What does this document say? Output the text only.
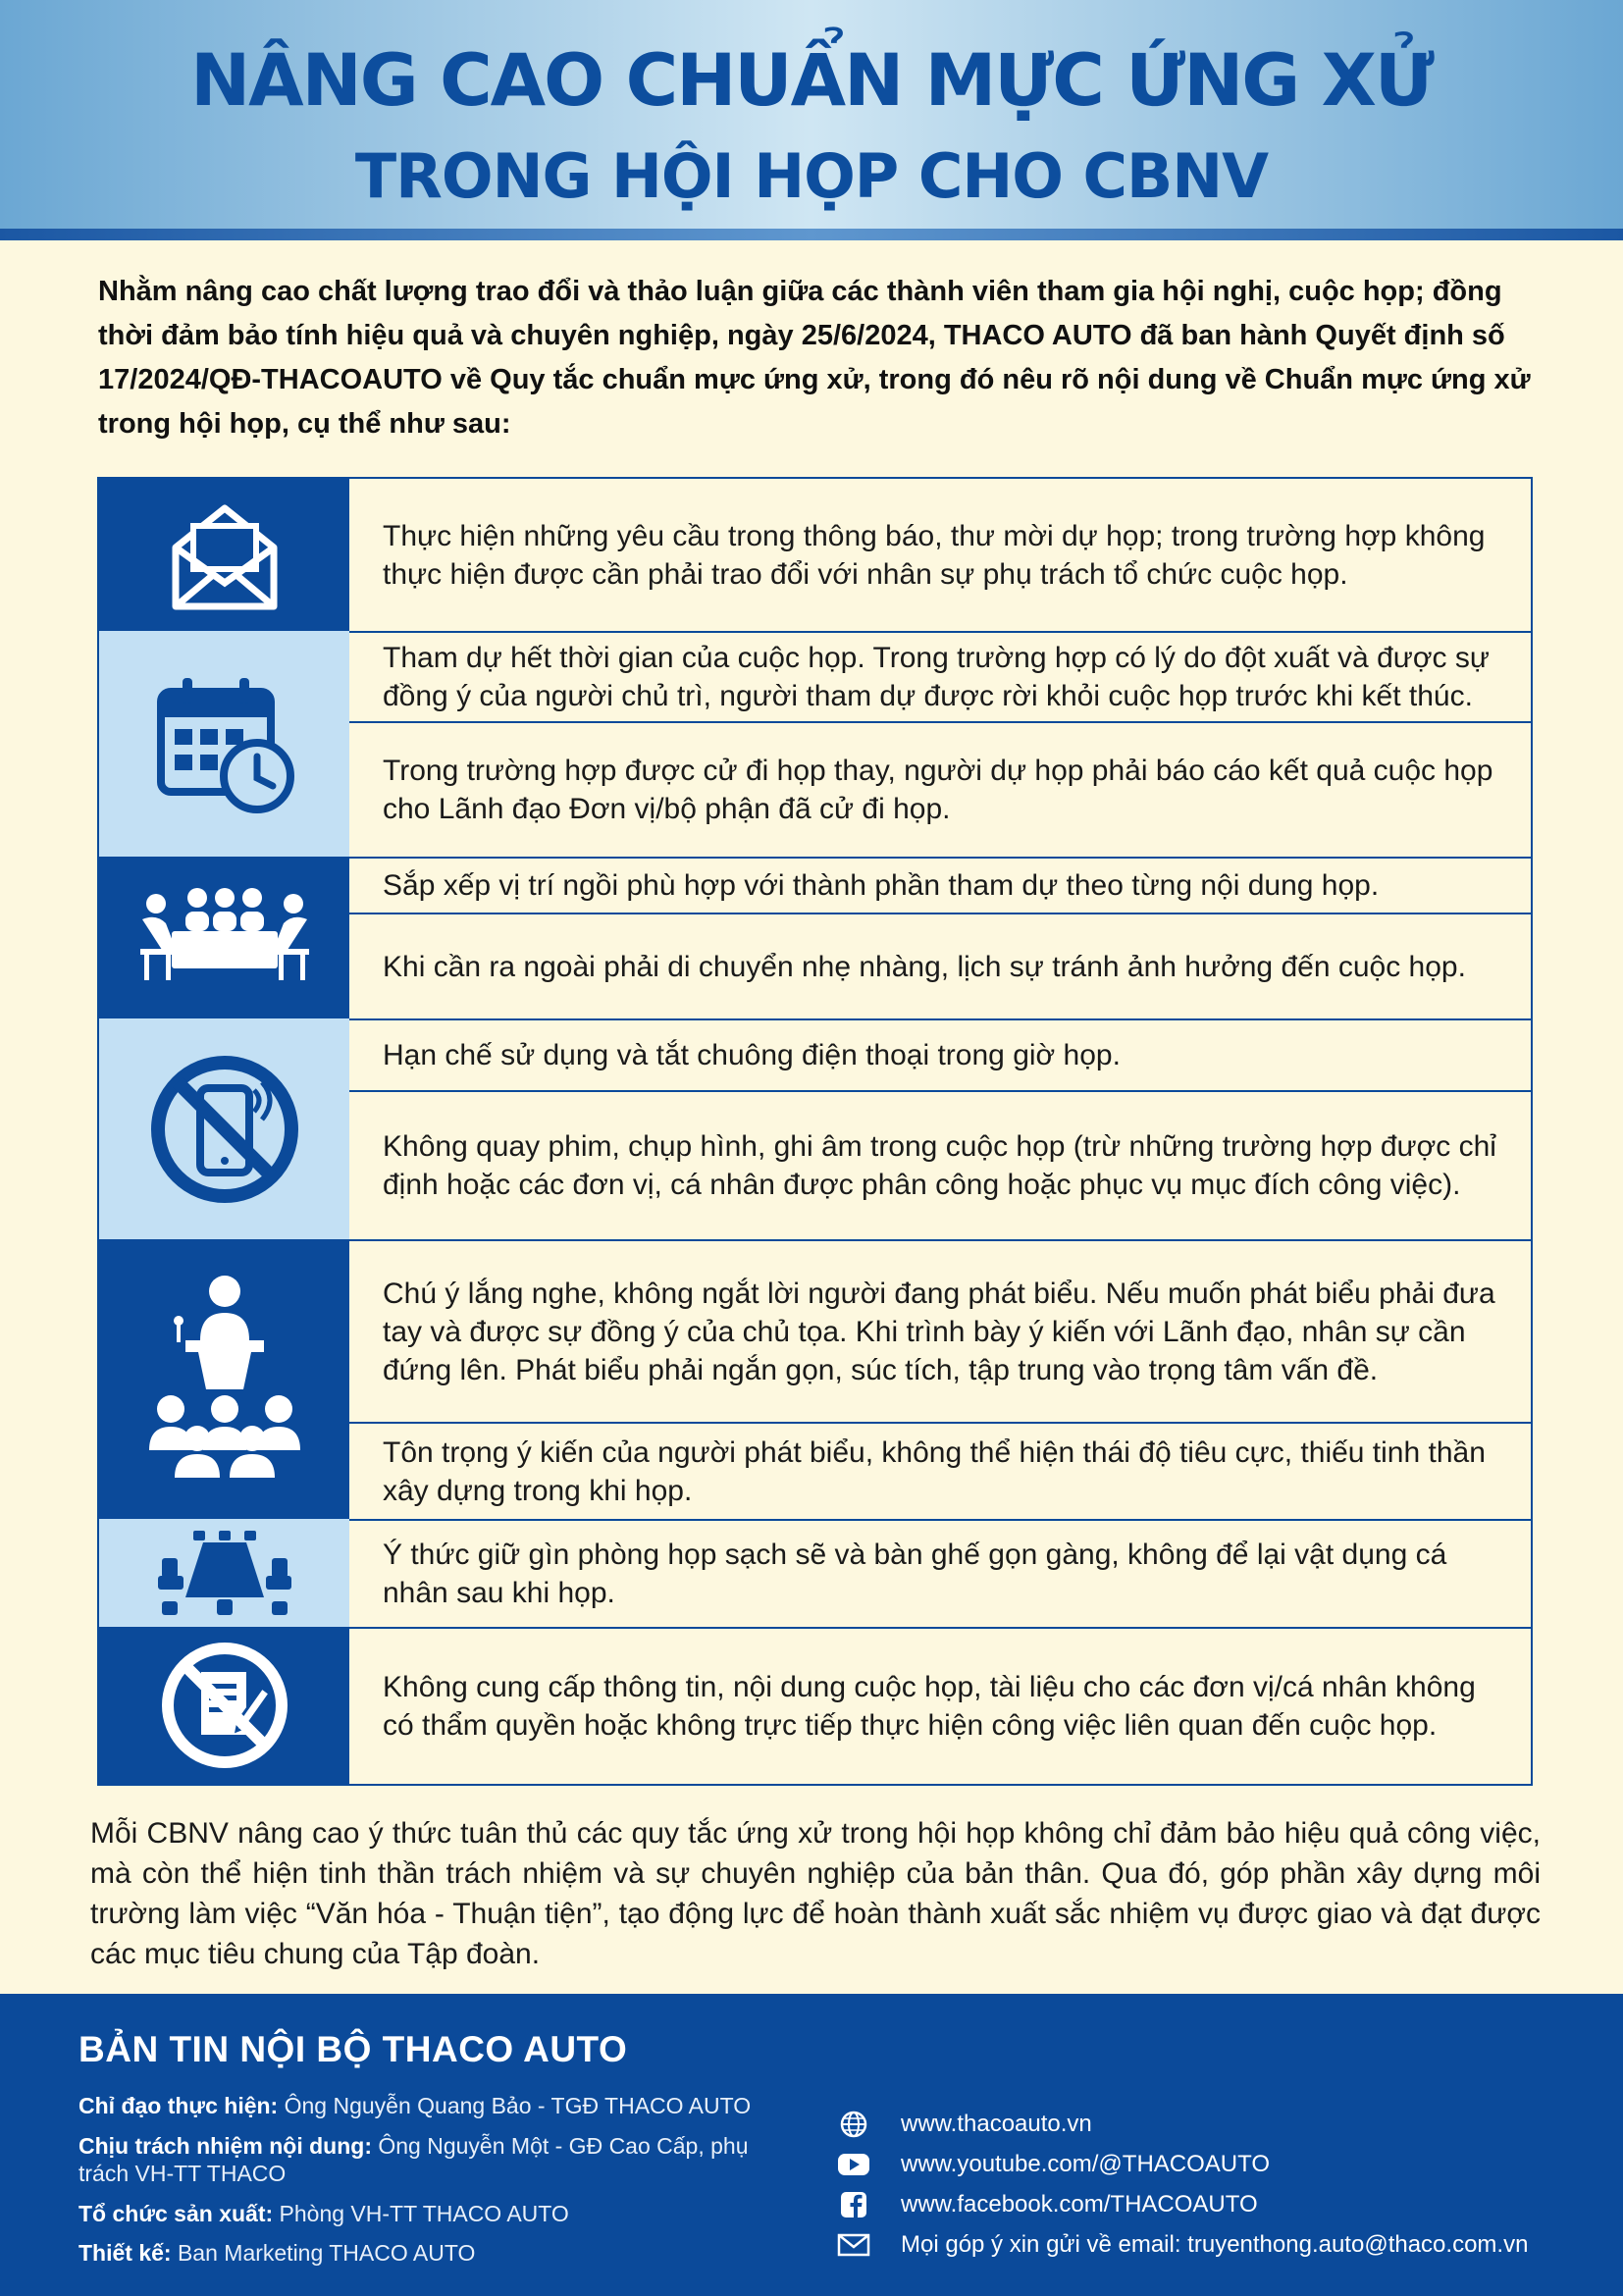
NÂNG CAO CHUẨN MỰC ỨNG XỬ
TRONG HỘI HỌP CHO CBNV
Nhằm nâng cao chất lượng trao đổi và thảo luận giữa các thành viên tham gia hội nghị, cuộc họp; đồng thời đảm bảo tính hiệu quả và chuyên nghiệp, ngày 25/6/2024, THACO AUTO đã ban hành Quyết định số 17/2024/QĐ-THACOAUTO về Quy tắc chuẩn mực ứng xử, trong đó nêu rõ nội dung về Chuẩn mực ứng xử trong hội họp, cụ thể như sau:
Thực hiện những yêu cầu trong thông báo, thư mời dự họp; trong trường hợp không thực hiện được cần phải trao đổi với nhân sự phụ trách tổ chức cuộc họp.
Tham dự hết thời gian của cuộc họp. Trong trường hợp có lý do đột xuất và được sự đồng ý của người chủ trì, người tham dự được rời khỏi cuộc họp trước khi kết thúc.
Trong trường hợp được cử đi họp thay, người dự họp phải báo cáo kết quả cuộc họp cho Lãnh đạo Đơn vị/bộ phận đã cử đi họp.
Sắp xếp vị trí ngồi phù hợp với thành phần tham dự theo từng nội dung họp.
Khi cần ra ngoài phải di chuyển nhẹ nhàng, lịch sự tránh ảnh hưởng đến cuộc họp.
Hạn chế sử dụng và tắt chuông điện thoại trong giờ họp.
Không quay phim, chụp hình, ghi âm trong cuộc họp (trừ những trường hợp được chỉ định hoặc các đơn vị, cá nhân được phân công hoặc phục vụ mục đích công việc).
Chú ý lắng nghe, không ngắt lời người đang phát biểu. Nếu muốn phát biểu phải đưa tay và được sự đồng ý của chủ tọa. Khi trình bày ý kiến với Lãnh đạo, nhân sự cần đứng lên. Phát biểu phải ngắn gọn, súc tích, tập trung vào trọng tâm vấn đề.
Tôn trọng ý kiến của người phát biểu, không thể hiện thái độ tiêu cực, thiếu tinh thần xây dựng trong khi họp.
Ý thức giữ gìn phòng họp sạch sẽ và bàn ghế gọn gàng, không để lại vật dụng cá nhân sau khi họp.
Không cung cấp thông tin, nội dung cuộc họp, tài liệu cho các đơn vị/cá nhân không có thẩm quyền hoặc không trực tiếp thực hiện công việc liên quan đến cuộc họp.
Mỗi CBNV nâng cao ý thức tuân thủ các quy tắc ứng xử trong hội họp không chỉ đảm bảo hiệu quả công việc, mà còn thể hiện tinh thần trách nhiệm và sự chuyên nghiệp của bản thân. Qua đó, góp phần xây dựng môi trường làm việc “Văn hóa - Thuận tiện”, tạo động lực để hoàn thành xuất sắc nhiệm vụ được giao và đạt được các mục tiêu chung của Tập đoàn.
BẢN TIN NỘI BỘ THACO AUTO
Chỉ đạo thực hiện: Ông Nguyễn Quang Bảo - TGĐ THACO AUTO
Chịu trách nhiệm nội dung: Ông Nguyễn Một - GĐ Cao Cấp, phụ trách VH-TT THACO
Tổ chức sản xuất: Phòng VH-TT THACO AUTO
Thiết kế: Ban Marketing THACO AUTO
www.thacoauto.vn
www.youtube.com/@THACOAUTO
www.facebook.com/THACOAUTO
Mọi góp ý xin gửi về email: truyenthong.auto@thaco.com.vn
